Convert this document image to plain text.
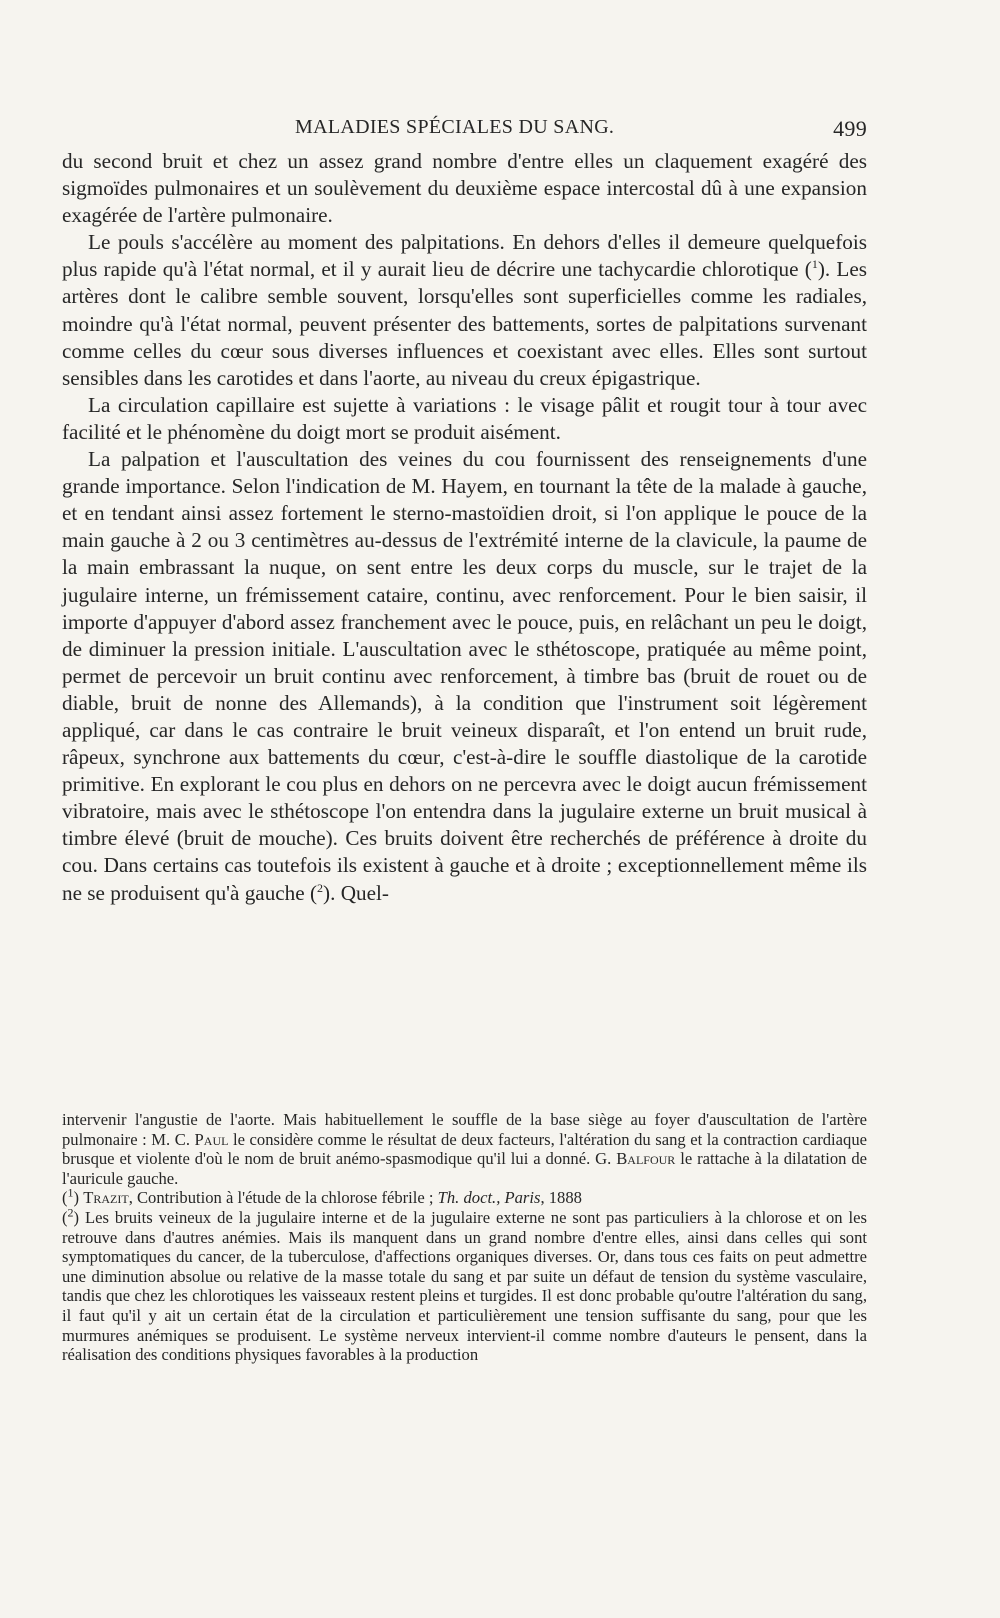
MALADIES SPÉCIALES DU SANG.	499

du second bruit et chez un assez grand nombre d'entre elles un claquement exagéré des sigmoïdes pulmonaires et un soulèvement du deuxième espace intercostal dû à une expansion exagérée de l'artère pulmonaire.

Le pouls s'accélère au moment des palpitations. En dehors d'elles il demeure quelquefois plus rapide qu'à l'état normal, et il y aurait lieu de décrire une tachycardie chlorotique ($^1$). Les artères dont le calibre semble souvent, lorsqu'elles sont superficielles comme les radiales, moindre qu'à l'état normal, peuvent présenter des battements, sortes de palpitations survenant comme celles du cœur sous diverses influences et coexistant avec elles. Elles sont surtout sensibles dans les carotides et dans l'aorte, au niveau du creux épigastrique.

La circulation capillaire est sujette à variations : le visage pâlit et rougit tour à tour avec facilité et le phénomène du doigt mort se produit aisément.

La palpation et l'auscultation des veines du cou fournissent des renseignements d'une grande importance. Selon l'indication de M. Hayem, en tournant la tête de la malade à gauche, et en tendant ainsi assez fortement le sterno-mastoïdien droit, si l'on applique le pouce de la main gauche à 2 ou 3 centimètres au-dessus de l'extrémité interne de la clavicule, la paume de la main embrassant la nuque, on sent entre les deux corps du muscle, sur le trajet de la jugulaire interne, un frémissement cataire, continu, avec renforcement. Pour le bien saisir, il importe d'appuyer d'abord assez franchement avec le pouce, puis, en relâchant un peu le doigt, de diminuer la pression initiale. L'auscultation avec le sthétoscope, pratiquée au même point, permet de percevoir un bruit continu avec renforcement, à timbre bas (bruit de rouet ou de diable, bruit de nonne des Allemands), à la condition que l'instrument soit légèrement appliqué, car dans le cas contraire le bruit veineux disparaît, et l'on entend un bruit rude, râpeux, synchrone aux battements du cœur, c'est-à-dire le souffle diastolique de la carotide primitive. En explorant le cou plus en dehors on ne percevra avec le doigt aucun frémissement vibratoire, mais avec le sthétoscope l'on entendra dans la jugulaire externe un bruit musical à timbre élevé (bruit de mouche). Ces bruits doivent être recherchés de préférence à droite du cou. Dans certains cas toutefois ils existent à gauche et à droite ; exceptionnellement même ils ne se produisent qu'à gauche ($^2$). Quel-

intervenir l'angustie de l'aorte. Mais habituellement le souffle de la base siège au foyer d'auscultation de l'artère pulmonaire : M. C. Paul le considère comme le résultat de deux facteurs, l'altération du sang et la contraction cardiaque brusque et violente d'où le nom de bruit anémo-spasmodique qu'il lui a donné. G. Balfour le rattache à la dilatation de l'auricule gauche.

($^1$) Trazit, Contribution à l'étude de la chlorose fébrile ; Th. doct., Paris, 1888

($^2$) Les bruits veineux de la jugulaire interne et de la jugulaire externe ne sont pas particuliers à la chlorose et on les retrouve dans d'autres anémies. Mais ils manquent dans un grand nombre d'entre elles, ainsi dans celles qui sont symptomatiques du cancer, de la tuberculose, d'affections organiques diverses. Or, dans tous ces faits on peut admettre une diminution absolue ou relative de la masse totale du sang et par suite un défaut de tension du système vasculaire, tandis que chez les chlorotiques les vaisseaux restent pleins et turgides. Il est donc probable qu'outre l'altération du sang, il faut qu'il y ait un certain état de la circulation et particulièrement une tension suffisante du sang, pour que les murmures anémiques se produisent. Le système nerveux intervient-il comme nombre d'auteurs le pensent, dans la réalisation des conditions physiques favorables à la production
